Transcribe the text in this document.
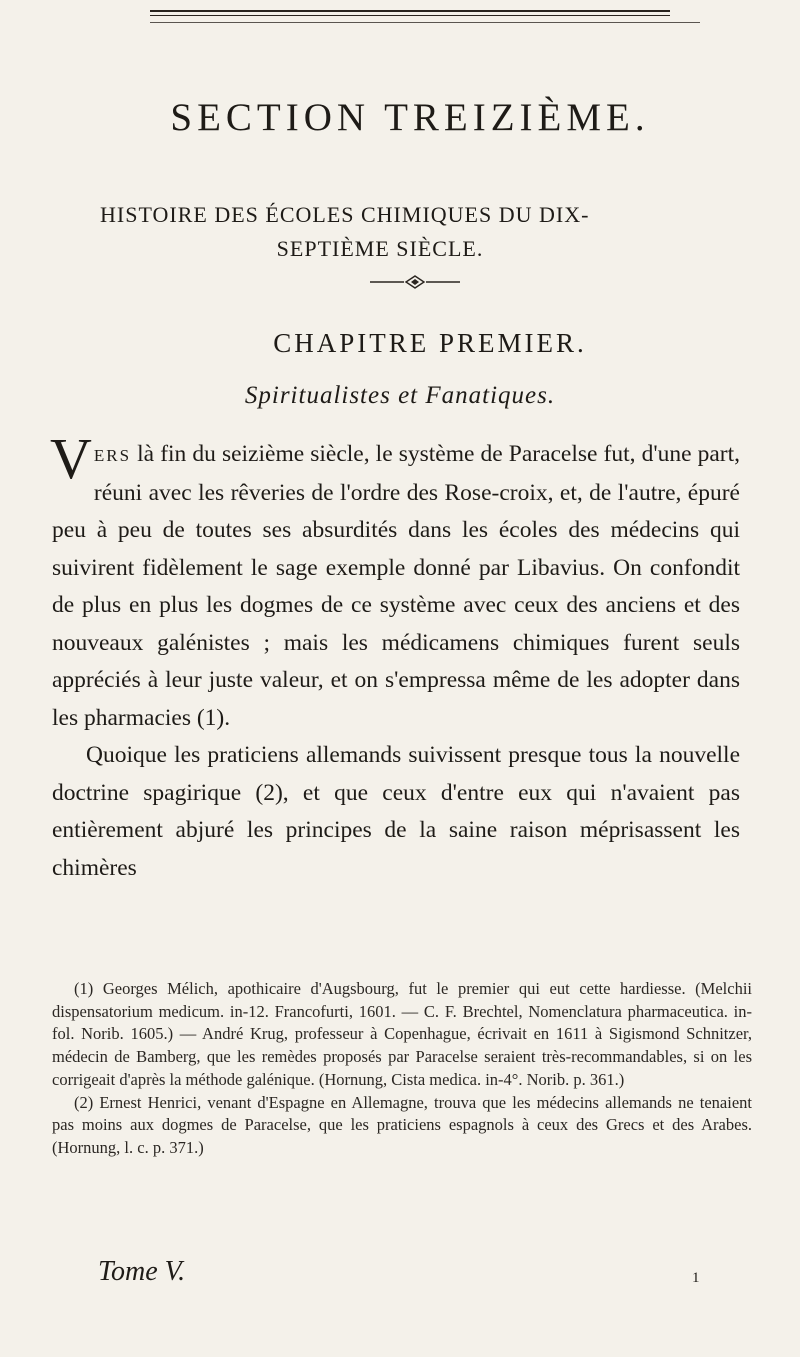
SECTION TREIZIÈME.
HISTOIRE DES ÉCOLES CHIMIQUES DU DIX-
SEPTIÈME SIÈCLE.
CHAPITRE PREMIER.
Spiritualistes et Fanatiques.

VERS là fin du seizième siècle, le système de Paracelse fut, d'une part, réuni avec les rêveries de l'ordre des Rose-croix, et, de l'autre, épuré peu à peu de toutes ses absurdités dans les écoles des médecins qui suivirent fidèlement le sage exemple donné par Libavius. On confondit de plus en plus les dogmes de ce système avec ceux des anciens et des nouveaux galénistes ; mais les médicamens chimiques furent seuls appréciés à leur juste valeur, et on s'empressa même de les adopter dans les pharmacies (1).

Quoique les praticiens allemands suivissent presque tous la nouvelle doctrine spagirique (2), et que ceux d'entre eux qui n'avaient pas entièrement abjuré les principes de la saine raison méprisassent les chimères

(1) Georges Mélich, apothicaire d'Augsbourg, fut le premier qui eut cette hardiesse. (Melchii dispensatorium medicum. in-12. Francofurti, 1601. — C. F. Brechtel, Nomenclatura pharmaceutica. in-fol. Norib. 1605.) — André Krug, professeur à Copenhague, écrivait en 1611 à Sigismond Schnitzer, médecin de Bamberg, que les remèdes proposés par Paracelse seraient très-recommandables, si on les corrigeait d'après la méthode galénique. (Hornung, Cista medica. in-4°. Norib. p. 361.)

(2) Ernest Henrici, venant d'Espagne en Allemagne, trouva que les médecins allemands ne tenaient pas moins aux dogmes de Paracelse, que les praticiens espagnols à ceux des Grecs et des Arabes. (Hornung, l. c. p. 371.)

Tome V.	1
